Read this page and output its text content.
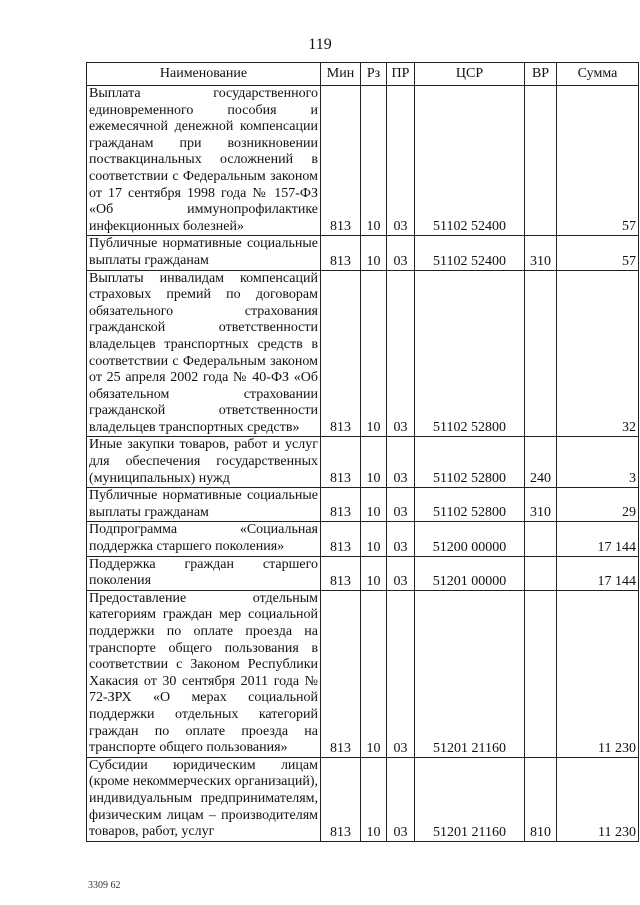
119
Наименование	Мин	Рз	ПР	ЦСР	ВР	Сумма
Выплата государственного единовременного пособия и ежемесячной денежной компенсации гражданам при возникновении поствакцинальных осложнений в соответствии с Федеральным законом от 17 сентября 1998 года № 157-ФЗ «Об иммунопрофилактике инфекционных болезней»	813	10	03	51102 52400		57
Публичные нормативные социальные выплаты гражданам	813	10	03	51102 52400	310	57
Выплаты инвалидам компенсаций страховых премий по договорам обязательного страхования гражданской ответственности владельцев транспортных средств в соответствии с Федеральным законом от 25 апреля 2002 года № 40-ФЗ «Об обязательном страховании гражданской ответственности владельцев транспортных средств»	813	10	03	51102 52800		32
Иные закупки товаров, работ и услуг для обеспечения государственных (муниципальных) нужд	813	10	03	51102 52800	240	3
Публичные нормативные социальные выплаты гражданам	813	10	03	51102 52800	310	29
Подпрограмма «Социальная поддержка старшего поколения»	813	10	03	51200 00000		17 144
Поддержка граждан старшего поколения	813	10	03	51201 00000		17 144
Предоставление отдельным категориям граждан мер социальной поддержки по оплате проезда на транспорте общего пользования в соответствии с Законом Республики Хакасия от 30 сентября 2011 года № 72-ЗРХ «О мерах социальной поддержки отдельных категорий граждан по оплате проезда на транспорте общего пользования»	813	10	03	51201 21160		11 230
Субсидии юридическим лицам (кроме некоммерческих организаций), индивидуальным предпринимателям, физическим лицам – производителям товаров, работ, услуг	813	10	03	51201 21160	810	11 230
3309 62
